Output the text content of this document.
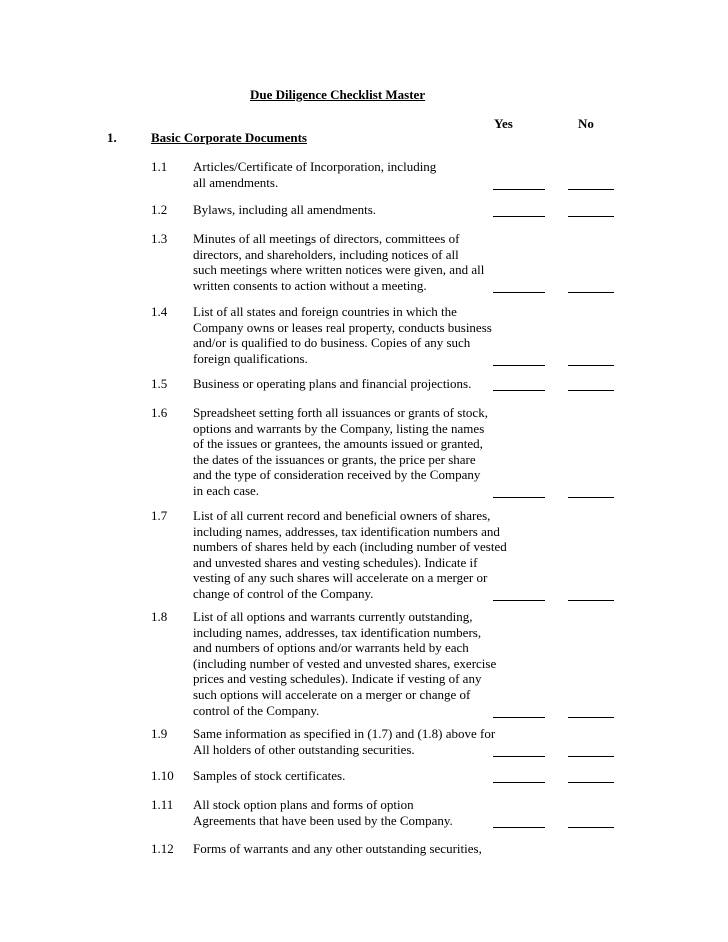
Due Diligence Checklist Master
Yes	No
1.	Basic Corporate Documents
1.1 Articles/Certificate of Incorporation, including
all amendments.
1.2 Bylaws, including all amendments.
1.3 Minutes of all meetings of directors, committees of
directors, and shareholders, including notices of all
such meetings where written notices were given, and all
written consents to action without a meeting.
1.4 List of all states and foreign countries in which the
Company owns or leases real property, conducts business
and/or is qualified to do business. Copies of any such
foreign qualifications.
1.5 Business or operating plans and financial projections.
1.6 Spreadsheet setting forth all issuances or grants of stock,
options and warrants by the Company, listing the names
of the issues or grantees, the amounts issued or granted,
the dates of the issuances or grants, the price per share
and the type of consideration received by the Company
in each case.
1.7 List of all current record and beneficial owners of shares,
including names, addresses, tax identification numbers and
numbers of shares held by each (including number of vested
and unvested shares and vesting schedules). Indicate if
vesting of any such shares will accelerate on a merger or
change of control of the Company.
1.8 List of all options and warrants currently outstanding,
including names, addresses, tax identification numbers,
and numbers of options and/or warrants held by each
(including number of vested and unvested shares, exercise
prices and vesting schedules). Indicate if vesting of any
such options will accelerate on a merger or change of
control of the Company.
1.9 Same information as specified in (1.7) and (1.8) above for
All holders of other outstanding securities.
1.10 Samples of stock certificates.
1.11 All stock option plans and forms of option
Agreements that have been used by the Company.
1.12 Forms of warrants and any other outstanding securities,
